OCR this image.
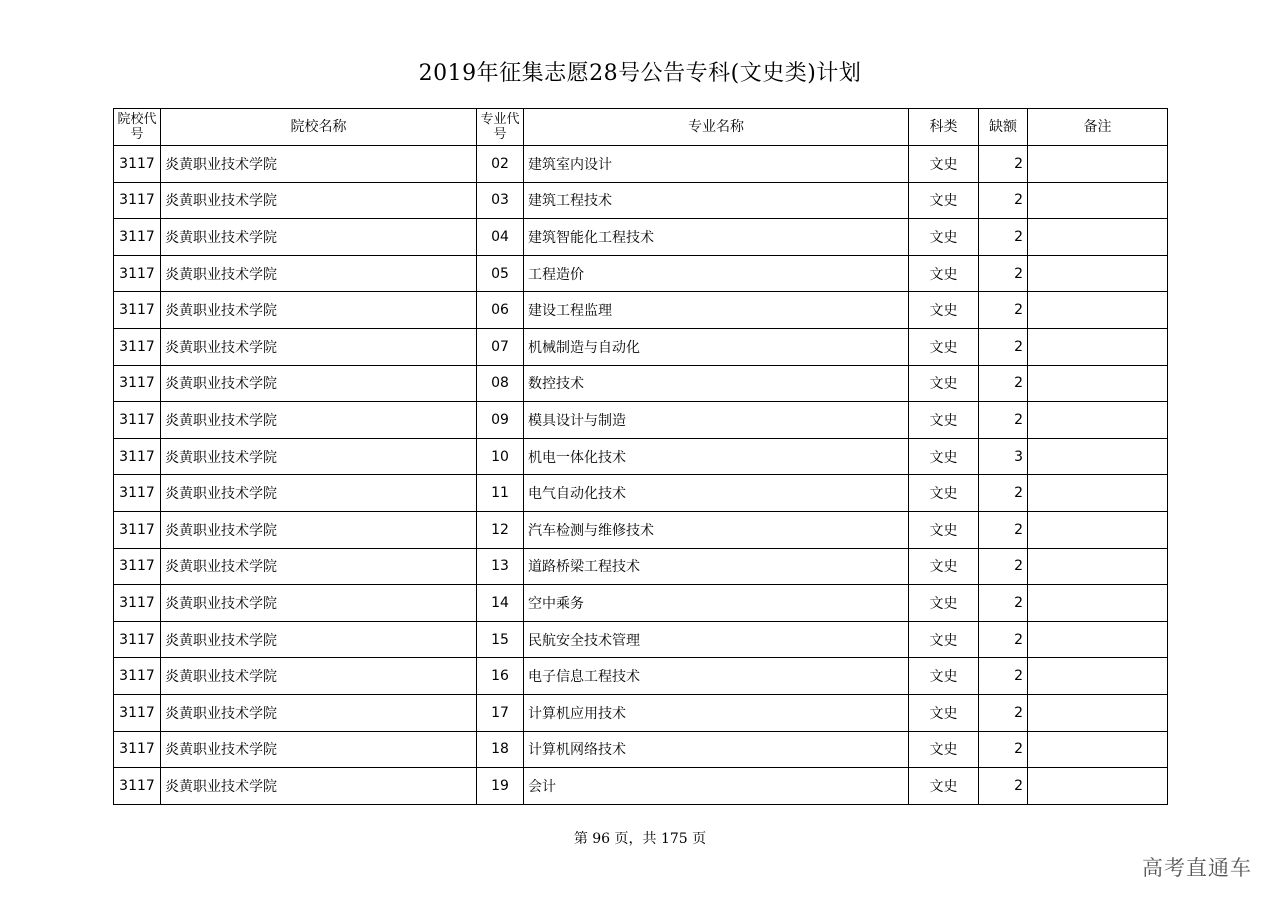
2019年征集志愿28号公告专科(文史类)计划
院校代号	院校名称	专业代号	专业名称	科类	缺额	备注
3117	炎黄职业技术学院	02	建筑室内设计	文史	2	
3117	炎黄职业技术学院	03	建筑工程技术	文史	2	
3117	炎黄职业技术学院	04	建筑智能化工程技术	文史	2	
3117	炎黄职业技术学院	05	工程造价	文史	2	
3117	炎黄职业技术学院	06	建设工程监理	文史	2	
3117	炎黄职业技术学院	07	机械制造与自动化	文史	2	
3117	炎黄职业技术学院	08	数控技术	文史	2	
3117	炎黄职业技术学院	09	模具设计与制造	文史	2	
3117	炎黄职业技术学院	10	机电一体化技术	文史	3	
3117	炎黄职业技术学院	11	电气自动化技术	文史	2	
3117	炎黄职业技术学院	12	汽车检测与维修技术	文史	2	
3117	炎黄职业技术学院	13	道路桥梁工程技术	文史	2	
3117	炎黄职业技术学院	14	空中乘务	文史	2	
3117	炎黄职业技术学院	15	民航安全技术管理	文史	2	
3117	炎黄职业技术学院	16	电子信息工程技术	文史	2	
3117	炎黄职业技术学院	17	计算机应用技术	文史	2	
3117	炎黄职业技术学院	18	计算机网络技术	文史	2	
3117	炎黄职业技术学院	19	会计	文史	2	
第 96 页，共 175 页
高考直通车
